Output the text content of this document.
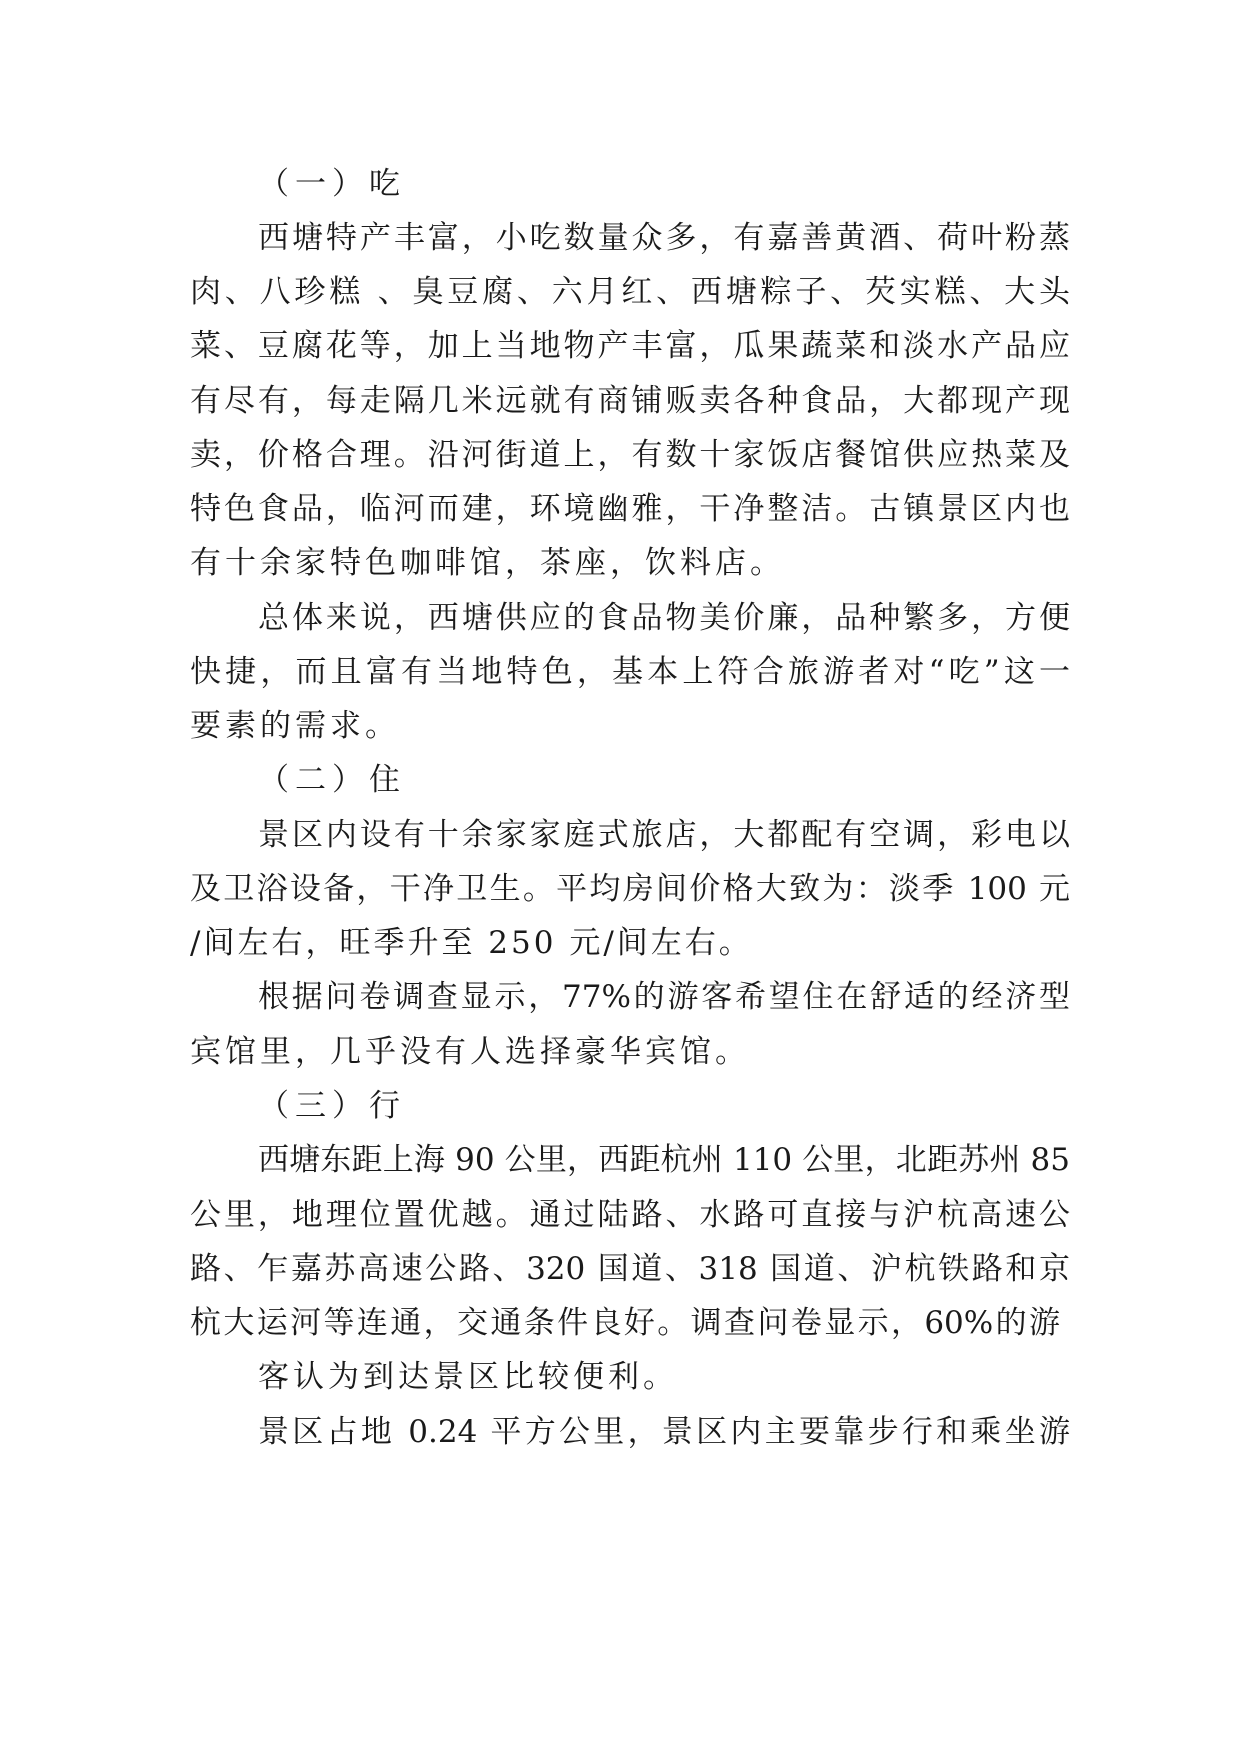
（一）吃
西塘特产丰富，小吃数量众多，有嘉善黄酒、荷叶粉蒸
肉、八珍糕 、臭豆腐、六月红、西塘粽子、芡实糕、大头
菜、豆腐花等，加上当地物产丰富，瓜果蔬菜和淡水产品应
有尽有，每走隔几米远就有商铺贩卖各种食品，大都现产现
卖，价格合理。沿河街道上，有数十家饭店餐馆供应热菜及
特色食品，临河而建，环境幽雅，干净整洁。古镇景区内也
有十余家特色咖啡馆，茶座，饮料店。
总体来说，西塘供应的食品物美价廉，品种繁多，方便
快捷，而且富有当地特色，基本上符合旅游者对“吃”这一
要素的需求。
（二）住
景区内设有十余家家庭式旅店，大都配有空调，彩电以
及卫浴设备，干净卫生。平均房间价格大致为：淡季 100 元
/间左右，旺季升至 250 元/间左右。
根据问卷调查显示，77%的游客希望住在舒适的经济型
宾馆里，几乎没有人选择豪华宾馆。
（三）行
西塘东距上海 90 公里，西距杭州 110 公里，北距苏州 85
公里，地理位置优越。通过陆路、水路可直接与沪杭高速公
路、乍嘉苏高速公路、320 国道、318 国道、沪杭铁路和京
杭大运河等连通，交通条件良好。调查问卷显示，60%的游
客认为到达景区比较便利。
景区占地 0.24 平方公里，景区内主要靠步行和乘坐游
